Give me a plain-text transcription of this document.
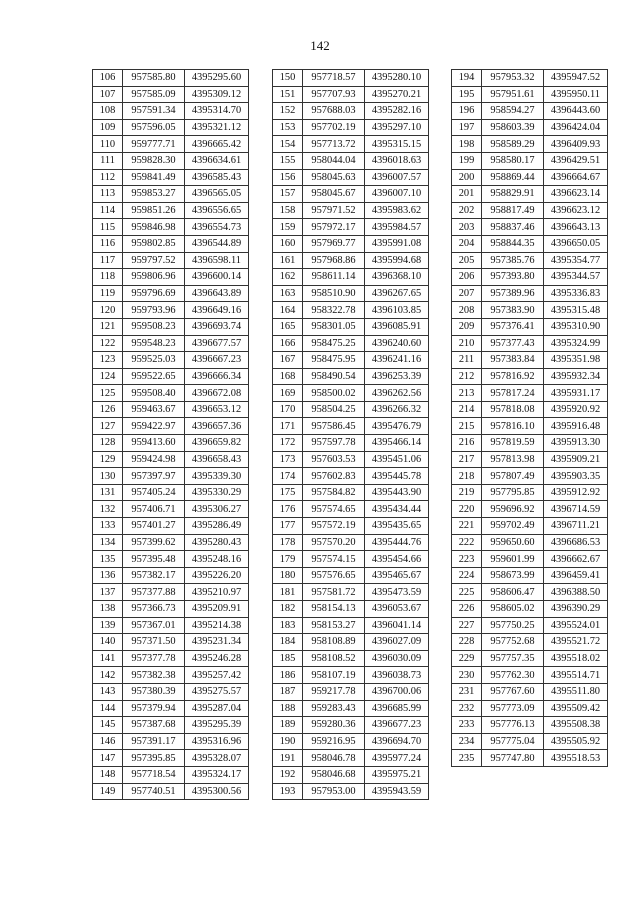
142
106	957585.80	4395295.60
107	957585.09	4395309.12
108	957591.34	4395314.70
109	957596.05	4395321.12
110	959777.71	4396665.42
111	959828.30	4396634.61
112	959841.49	4396585.43
113	959853.27	4396565.05
114	959851.26	4396556.65
115	959846.98	4396554.73
116	959802.85	4396544.89
117	959797.52	4396598.11
118	959806.96	4396600.14
119	959796.69	4396643.89
120	959793.96	4396649.16
121	959508.23	4396693.74
122	959548.23	4396677.57
123	959525.03	4396667.23
124	959522.65	4396666.34
125	959508.40	4396672.08
126	959463.67	4396653.12
127	959422.97	4396657.36
128	959413.60	4396659.82
129	959424.98	4396658.43
130	957397.97	4395339.30
131	957405.24	4395330.29
132	957406.71	4395306.27
133	957401.27	4395286.49
134	957399.62	4395280.43
135	957395.48	4395248.16
136	957382.17	4395226.20
137	957377.88	4395210.97
138	957366.73	4395209.91
139	957367.01	4395214.38
140	957371.50	4395231.34
141	957377.78	4395246.28
142	957382.38	4395257.42
143	957380.39	4395275.57
144	957379.94	4395287.04
145	957387.68	4395295.39
146	957391.17	4395316.96
147	957395.85	4395328.07
148	957718.54	4395324.17
149	957740.51	4395300.56
150	957718.57	4395280.10
151	957707.93	4395270.21
152	957688.03	4395282.16
153	957702.19	4395297.10
154	957713.72	4395315.15
155	958044.04	4396018.63
156	958045.63	4396007.57
157	958045.67	4396007.10
158	957971.52	4395983.62
159	957972.17	4395984.57
160	957969.77	4395991.08
161	957968.86	4395994.68
162	958611.14	4396368.10
163	958510.90	4396267.65
164	958322.78	4396103.85
165	958301.05	4396085.91
166	958475.25	4396240.60
167	958475.95	4396241.16
168	958490.54	4396253.39
169	958500.02	4396262.56
170	958504.25	4396266.32
171	957586.45	4395476.79
172	957597.78	4395466.14
173	957603.53	4395451.06
174	957602.83	4395445.78
175	957584.82	4395443.90
176	957574.65	4395434.44
177	957572.19	4395435.65
178	957570.20	4395444.76
179	957574.15	4395454.66
180	957576.65	4395465.67
181	957581.72	4395473.59
182	958154.13	4396053.67
183	958153.27	4396041.14
184	958108.89	4396027.09
185	958108.52	4396030.09
186	958107.19	4396038.73
187	959217.78	4396700.06
188	959283.43	4396685.99
189	959280.36	4396677.23
190	959216.95	4396694.70
191	958046.78	4395977.24
192	958046.68	4395975.21
193	957953.00	4395943.59
194	957953.32	4395947.52
195	957951.61	4395950.11
196	958594.27	4396443.60
197	958603.39	4396424.04
198	958589.29	4396409.93
199	958580.17	4396429.51
200	958869.44	4396664.67
201	958829.91	4396623.14
202	958817.49	4396623.12
203	958837.46	4396643.13
204	958844.35	4396650.05
205	957385.76	4395354.77
206	957393.80	4395344.57
207	957389.96	4395336.83
208	957383.90	4395315.48
209	957376.41	4395310.90
210	957377.43	4395324.99
211	957383.84	4395351.98
212	957816.92	4395932.34
213	957817.24	4395931.17
214	957818.08	4395920.92
215	957816.10	4395916.48
216	957819.59	4395913.30
217	957813.98	4395909.21
218	957807.49	4395903.35
219	957795.85	4395912.92
220	959696.92	4396714.59
221	959702.49	4396711.21
222	959650.60	4396686.53
223	959601.99	4396662.67
224	958673.99	4396459.41
225	958606.47	4396388.50
226	958605.02	4396390.29
227	957750.25	4395524.01
228	957752.68	4395521.72
229	957757.35	4395518.02
230	957762.30	4395514.71
231	957767.60	4395511.80
232	957773.09	4395509.42
233	957776.13	4395508.38
234	957775.04	4395505.92
235	957747.80	4395518.53
